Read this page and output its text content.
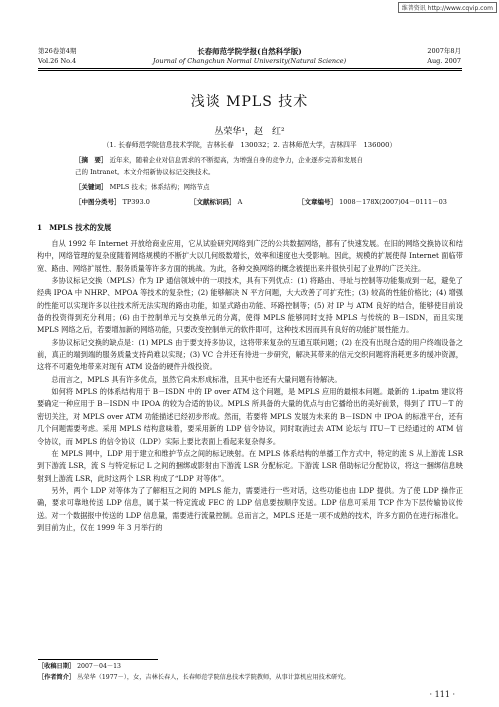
维普资讯 http://www.cqvip.com
第26卷第4期
Vol.26 No.4
长春师范学院学报(自然科学版)
Journal of Changchun Normal University(Natural Science)
2007年8月
Aug. 2007
浅谈 MPLS 技术
丛荣华¹，赵　红²
（1. 长春师范学院信息技术学院，吉林长春　130032；2. 吉林师范大学，吉林四平　136000）
［摘　要］ 近年来，随着企业对信息需求的不断提高，为增强自身的竞争力，企业逐步完善和发展自
己的 Intranet。本文介绍新协议标记交换技术。
［关键词］ MPLS 技术；体系结构；网络节点
［中图分类号］ TP393.0	［文献标识码］ A	［文章编号］ 1008－178X(2007)04－0111－03
1　MPLS 技术的发展

自从 1992 年 Internet 开放给商业应用，它从试验研究网络到广泛的公共数据网络，都有了快速发展。在旧的网络交换协议和结构中，网络管理的复杂度随着网络规模的不断扩大以几何级数增长，效率和速度也大受影响。因此，规模的扩展使得 Internet 面临带宽、路由、网络扩展性、服务质量等许多方面的挑战。为此，各种交换网络的概念被提出来并很快引起了业界的广泛关注。

多协议标记交换（MPLS）作为 IP 通信领域中的一项技术，具有下列优点：(1) 将路由、寻址与控制等功能集成到一起，避免了经典 IPOA 中 NHRP、MPOA 等技术的复杂性；(2) 能够解决 N 平方问题，大大改善了可扩充性；(3) 较高的性能价格比；(4) 增强的性能可以实现许多以往技术所无法实现的路由功能，如显式路由功能、环路控制等；(5) 对 IP 与 ATM 良好的结合，能够使目前设备的投资得到充分利用；(6) 由于控制单元与交换单元的分离，使得 MPLS 能够同时支持 MPLS 与传统的 B－ISDN，而且实现 MPLS 网络之后，若要增加新的网络功能，只要改变控制单元的软件即可，这种技术因而具有良好的功能扩展性能力。

多协议标记交换的缺点是：(1) MPLS 由于要支持多协议，这将带来复杂的互通互联问题；(2) 在没有出现合适的用户终端设备之前，真正的端到端的服务质量支持尚难以实现；(3) VC 合并还有待进一步研究，解决其带来的信元交织问题将消耗更多的缓冲资源，这将不可避免地带来对现有 ATM 设备的硬件升级投资。

总而言之，MPLS 具有许多优点，虽然它尚未形成标准，且其中也还有大量问题有待解决。

如何将 MPLS 的体系结构用于 B－ISDN 中的 IP over ATM 这个问题，是 MPLS 应用的最根本问题。最新的 1.ipatm 建议将要确定一种应用于 B－ISDN 中 IPOA 的较为合适的协议。MPLS 所具备的大量的优点与由它播给出的美好前景，得到了 ITU－T 的密切关注，对 MPLS over ATM 功能描述已经初步形成。然而，若要将 MPLS 发展为未来的 B－ISDN 中 IPOA 的标准平台，还有几个问题需要考虑。采用 MPLS 结构意味着，要采用新的 LDP 信令协议，同时取消过去 ATM 论坛与 ITU－T 已经通过的 ATM 信令协议，而 MPLS 的信令协议（LDP）实际上要比表面上看起来复杂得多。

在 MPLS 网中，LDP 用于建立和维护节点之间的标记映射。在 MPLS 体系结构的单播工作方式中，特定的流 S 从上游流 LSR 到下游流 LSR，流 S 与特定标记 L 之间的捆绑或影射由下游流 LSR 分配标定。下游流 LSR 借助标记分配协议，将这一捆绑信息映射到上游流 LSR，此时这两个 LSR 构成了“LDP 对等体”。

另外，两个 LDP 对等体为了了解相互之间的 MPLS 能力，需要进行一些对话，这些功能也由 LDP 提供。为了使 LDP 操作正确，要求可靠地传送 LDP 信息，属于某一特定流或 FEC 的 LDP 信息要按顺序发送。LDP 信息可采用 TCP 作为下层传输协议传送。对一个数据报中传送的 LDP 信息量，需要进行流量控制。总而言之，MPLS 还是一项不成熟的技术，许多方面仍在进行标准化。到目前为止，仅在 1999 年 3 月举行的

［收稿日期］ 2007－04－13
［作者简介］ 丛荣华（1977－），女，吉林长春人，长春师范学院信息技术学院教师，从事计算机应用技术研究。
· 111 ·
